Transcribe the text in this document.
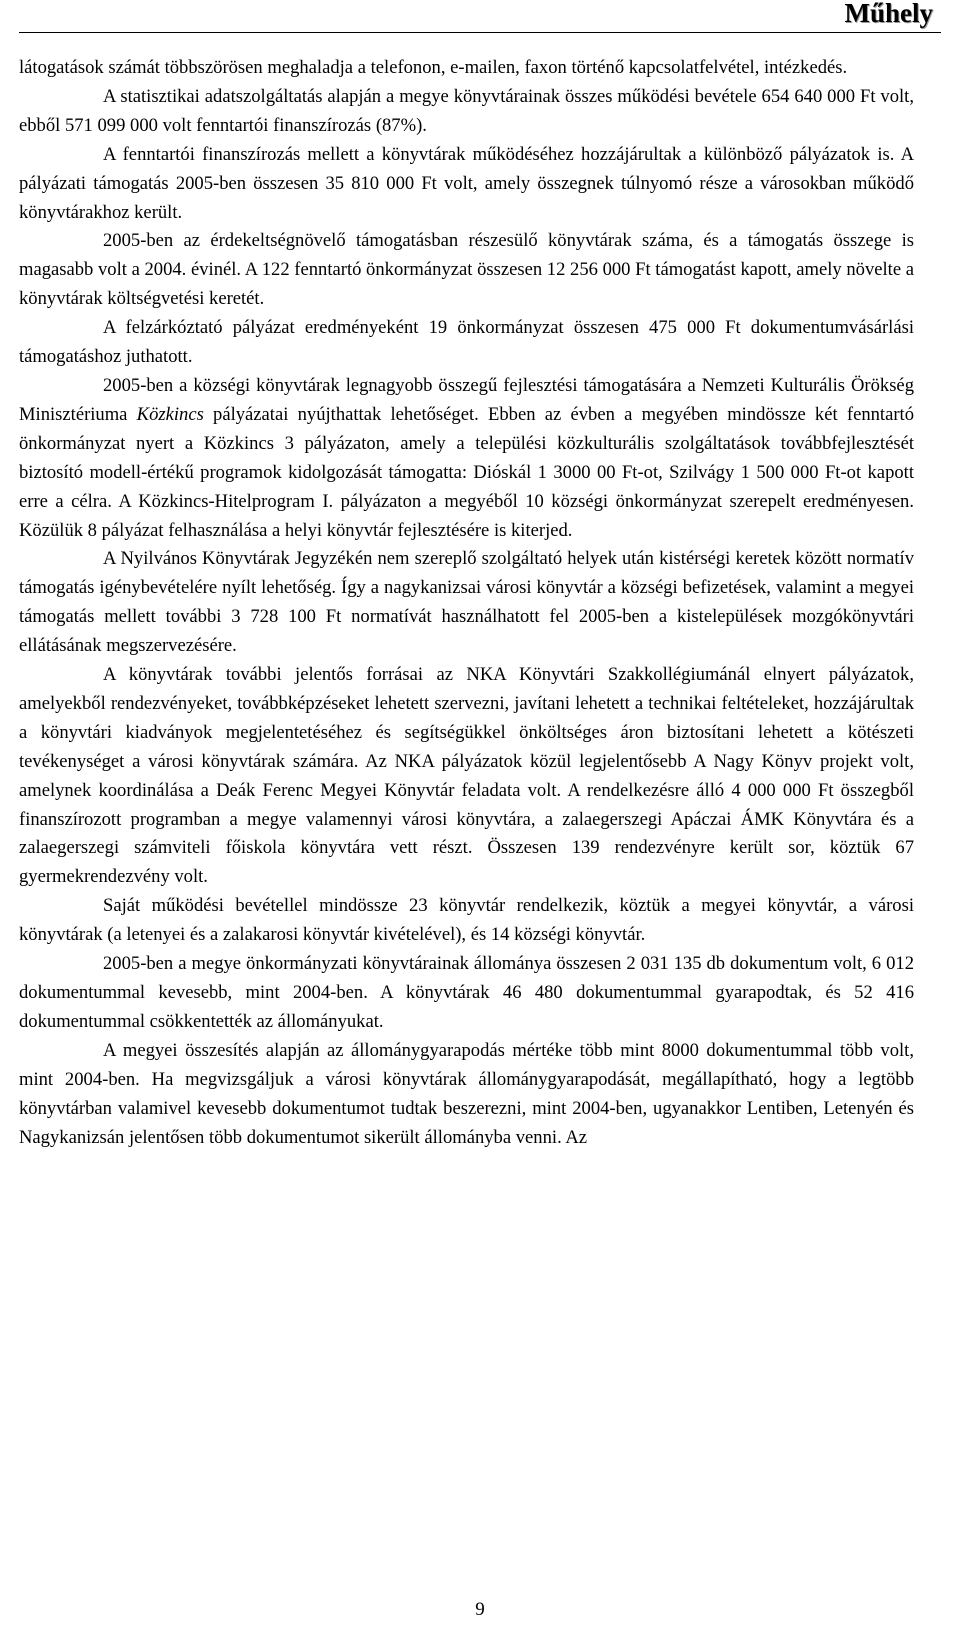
Műhely

látogatások számát többszörösen meghaladja a telefonon, e-mailen, faxon történő kapcsolatfelvétel, intézkedés.

A statisztikai adatszolgáltatás alapján a megye könyvtárainak összes működési bevétele 654 640 000 Ft volt, ebből 571 099 000 volt fenntartói finanszírozás (87%).

A fenntartói finanszírozás mellett a könyvtárak működéséhez hozzájárultak a különböző pályázatok is. A pályázati támogatás 2005-ben összesen 35 810 000 Ft volt, amely összegnek túlnyomó része a városokban működő könyvtárakhoz került.

2005-ben az érdekeltségnövelő támogatásban részesülő könyvtárak száma, és a támogatás összege is magasabb volt a 2004. évinél. A 122 fenntartó önkormányzat összesen 12 256 000 Ft támogatást kapott, amely növelte a könyvtárak költségvetési keretét.

A felzárkóztató pályázat eredményeként 19 önkormányzat összesen 475 000 Ft dokumentumvásárlási támogatáshoz juthatott.

2005-ben a községi könyvtárak legnagyobb összegű fejlesztési támogatására a Nemzeti Kulturális Örökség Minisztériuma Közkincs pályázatai nyújthattak lehetőséget. Ebben az évben a megyében mindössze két fenntartó önkormányzat nyert a Közkincs 3 pályázaton, amely a települési közkulturális szolgáltatások továbbfejlesztését biztosító modell-értékű programok kidolgozását támogatta: Dióskál 1 3000 00 Ft-ot, Szilvágy 1 500 000 Ft-ot kapott erre a célra. A Közkincs-Hitelprogram I. pályázaton a megyéből 10 községi önkormányzat szerepelt eredményesen. Közülük 8 pályázat felhasználása a helyi könyvtár fejlesztésére is kiterjed.

A Nyilvános Könyvtárak Jegyzékén nem szereplő szolgáltató helyek után kistérségi keretek között normatív támogatás igénybevételére nyílt lehetőség. Így a nagykanizsai városi könyvtár a községi befizetések, valamint a megyei támogatás mellett további 3 728 100 Ft normatívát használhatott fel 2005-ben a kistelepülések mozgókönyvtári ellátásának megszervezésére.

A könyvtárak további jelentős forrásai az NKA Könyvtári Szakkollégiumánál elnyert pályázatok, amelyekből rendezvényeket, továbbképzéseket lehetett szervezni, javítani lehetett a technikai feltételeket, hozzájárultak a könyvtári kiadványok megjelentetéséhez és segítségükkel önköltséges áron biztosítani lehetett a kötészeti tevékenységet a városi könyvtárak számára. Az NKA pályázatok közül legjelentősebb A Nagy Könyv projekt volt, amelynek koordinálása a Deák Ferenc Megyei Könyvtár feladata volt. A rendelkezésre álló 4 000 000 Ft összegből finanszírozott programban a megye valamennyi városi könyvtára, a zalaegerszegi Apáczai ÁMK Könyvtára és a zalaegerszegi számviteli főiskola könyvtára vett részt. Összesen 139 rendezvényre került sor, köztük 67 gyermekrendezvény volt.

Saját működési bevétellel mindössze 23 könyvtár rendelkezik, köztük a megyei könyvtár, a városi könyvtárak (a letenyei és a zalakarosi könyvtár kivételével), és 14 községi könyvtár.

2005-ben a megye önkormányzati könyvtárainak állománya összesen 2 031 135 db dokumentum volt, 6 012 dokumentummal kevesebb, mint 2004-ben. A könyvtárak 46 480 dokumentummal gyarapodtak, és 52 416 dokumentummal csökkentették az állományukat.

A megyei összesítés alapján az állománygyarapodás mértéke több mint 8000 dokumentummal több volt, mint 2004-ben. Ha megvizsgáljuk a városi könyvtárak állománygyarapodását, megállapítható, hogy a legtöbb könyvtárban valamivel kevesebb dokumentumot tudtak beszerezni, mint 2004-ben, ugyanakkor Lentiben, Letenyén és Nagykanizsán jelentősen több dokumentumot sikerült állományba venni. Az

9
